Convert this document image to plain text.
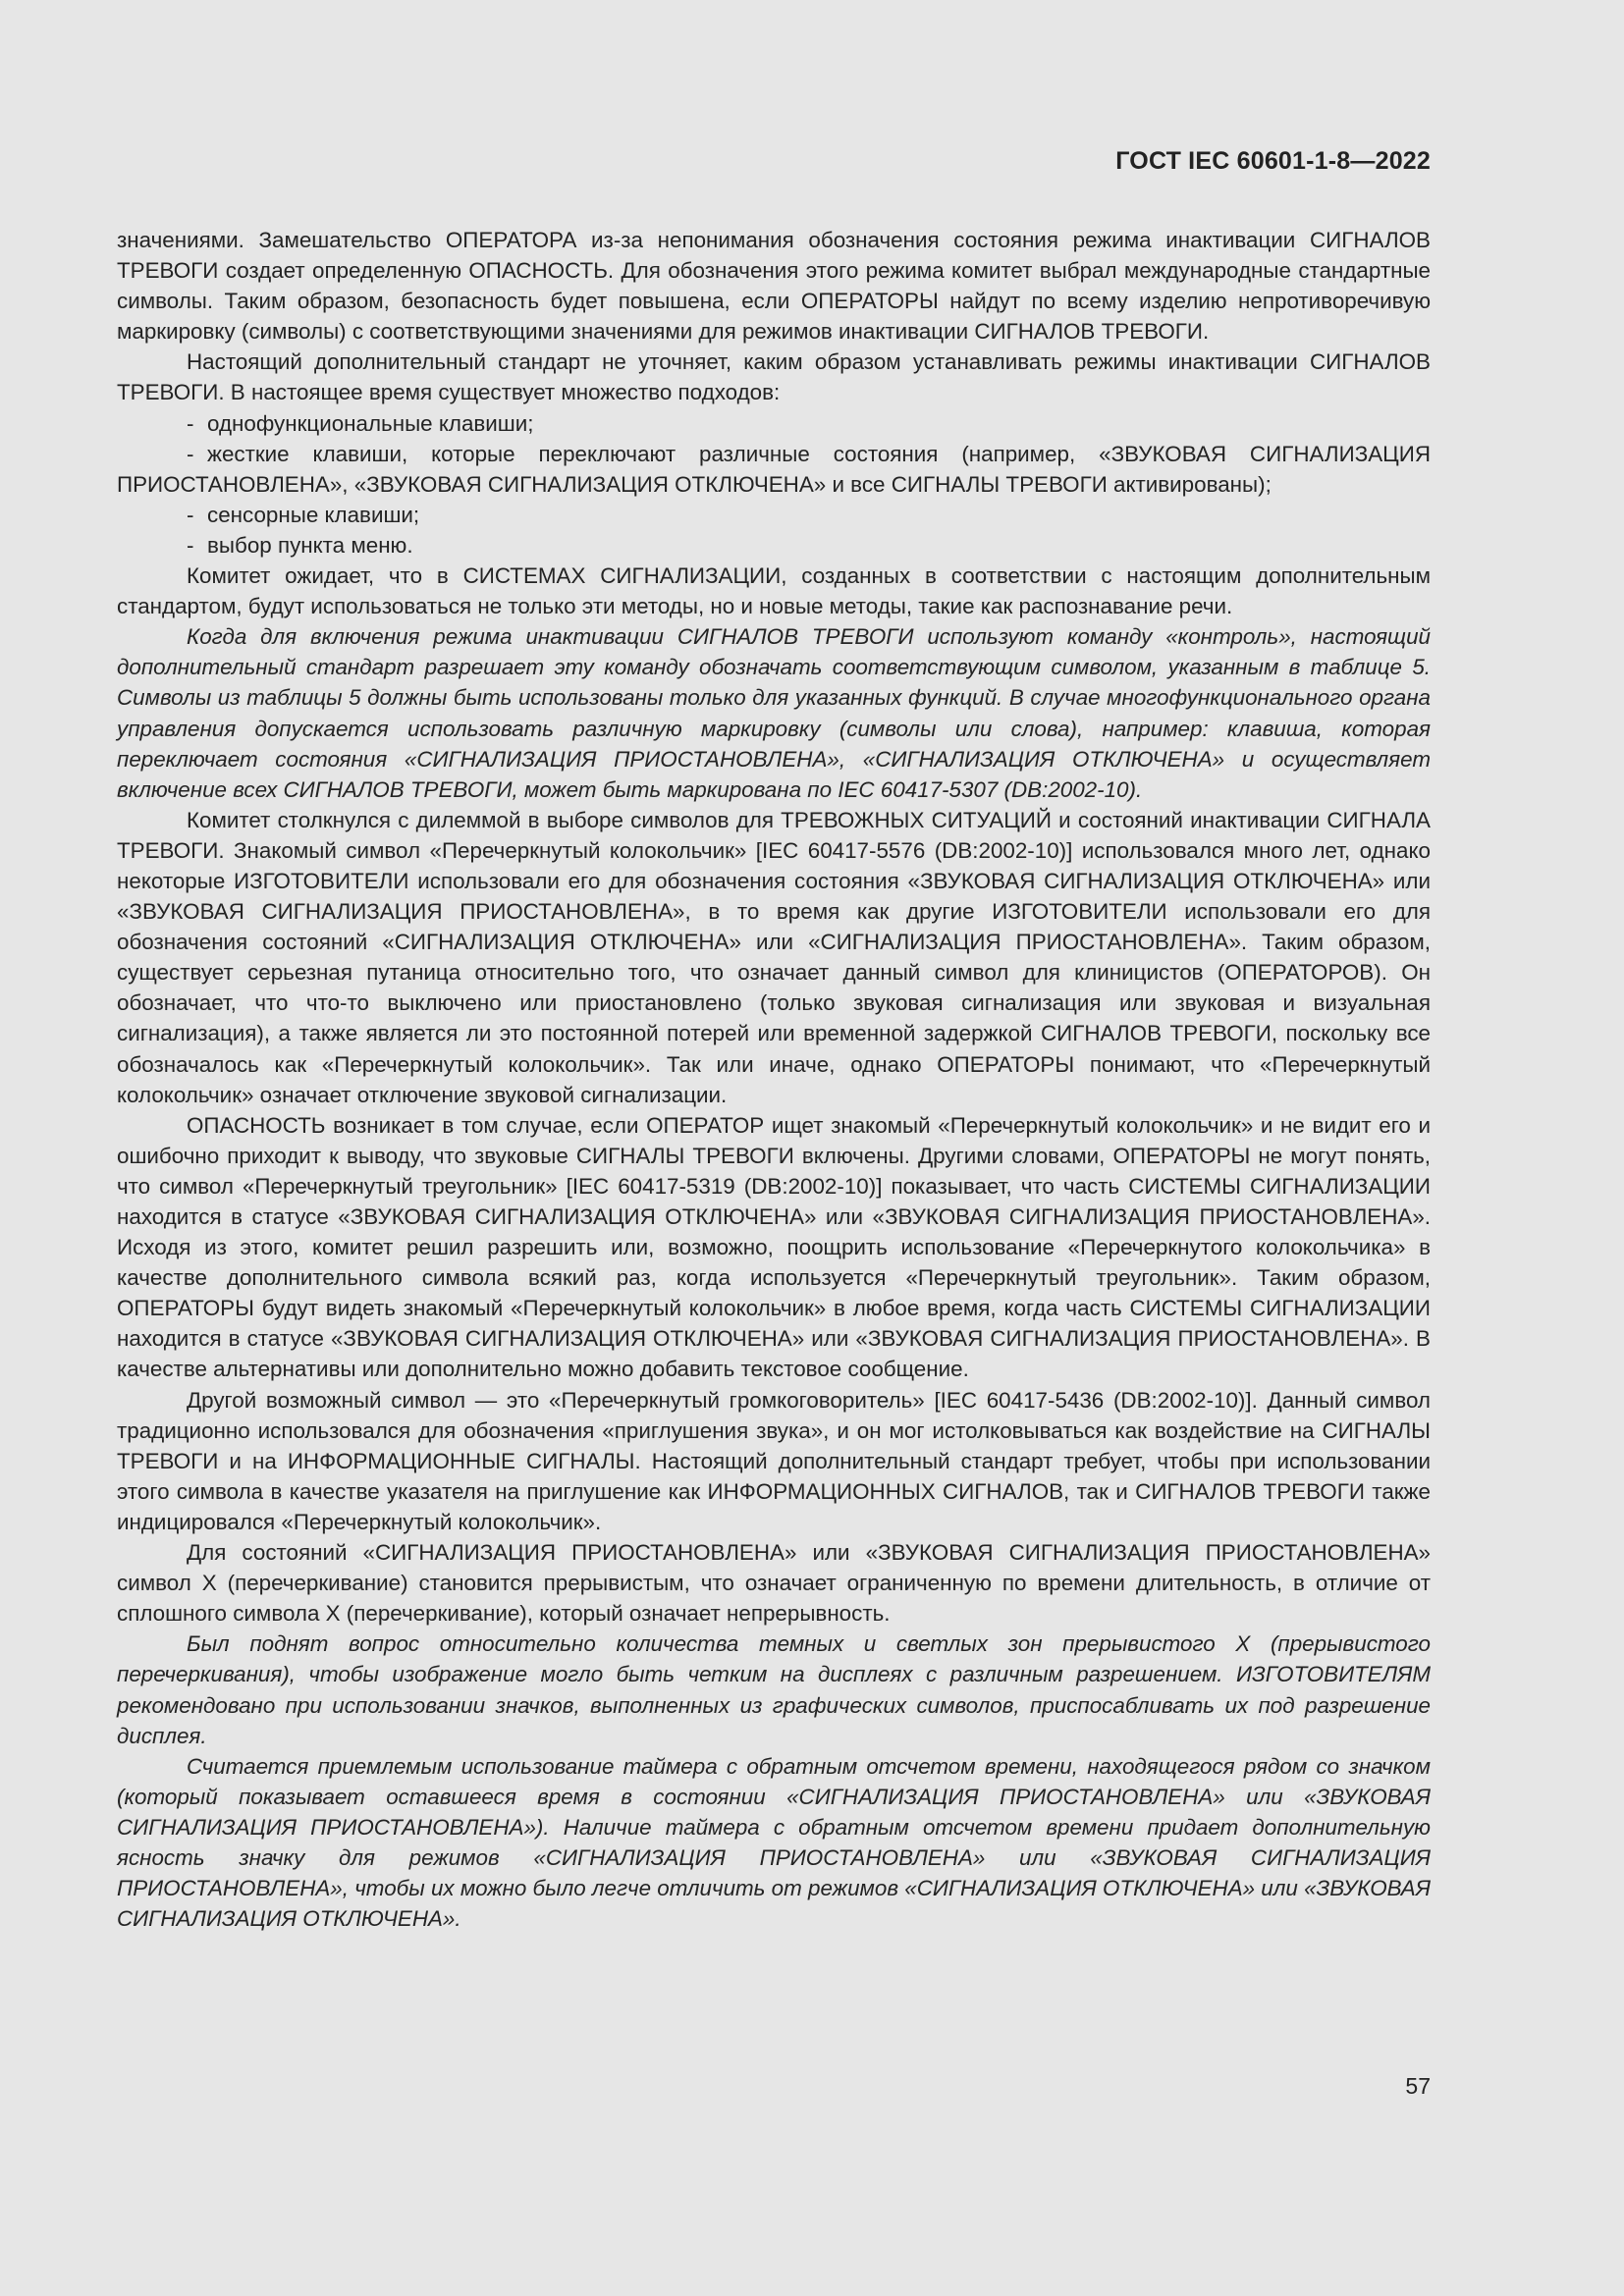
ГОСТ IEC 60601-1-8—2022

значениями. Замешательство ОПЕРАТОРА из-за непонимания обозначения состояния режима инактивации СИГНАЛОВ ТРЕВОГИ создает определенную ОПАСНОСТЬ. Для обозначения этого режима комитет выбрал международные стандартные символы. Таким образом, безопасность будет повышена, если ОПЕРАТОРЫ найдут по всему изделию непротиворечивую маркировку (символы) с соответствующими значениями для режимов инактивации СИГНАЛОВ ТРЕВОГИ.

Настоящий дополнительный стандарт не уточняет, каким образом устанавливать режимы инактивации СИГНАЛОВ ТРЕВОГИ. В настоящее время существует множество подходов:

- однофункциональные клавиши;

- жесткие клавиши, которые переключают различные состояния (например, «ЗВУКОВАЯ СИГНАЛИЗАЦИЯ ПРИОСТАНОВЛЕНА», «ЗВУКОВАЯ СИГНАЛИЗАЦИЯ ОТКЛЮЧЕНА» и все СИГНАЛЫ ТРЕВОГИ активированы);

- сенсорные клавиши;

- выбор пункта меню.

Комитет ожидает, что в СИСТЕМАХ СИГНАЛИЗАЦИИ, созданных в соответствии с настоящим дополнительным стандартом, будут использоваться не только эти методы, но и новые методы, такие как распознавание речи.

Когда для включения режима инактивации СИГНАЛОВ ТРЕВОГИ используют команду «контроль», настоящий дополнительный стандарт разрешает эту команду обозначать соответствующим символом, указанным в таблице 5. Символы из таблицы 5 должны быть использованы только для указанных функций. В случае многофункционального органа управления допускается использовать различную маркировку (символы или слова), например: клавиша, которая переключает состояния «СИГНАЛИЗАЦИЯ ПРИОСТАНОВЛЕНА», «СИГНАЛИЗАЦИЯ ОТКЛЮЧЕНА» и осуществляет включение всех СИГНАЛОВ ТРЕВОГИ, может быть маркирована по IEC 60417-5307 (DB:2002-10).

Комитет столкнулся с дилеммой в выборе символов для ТРЕВОЖНЫХ СИТУАЦИЙ и состояний инактивации СИГНАЛА ТРЕВОГИ. Знакомый символ «Перечеркнутый колокольчик» [IEC 60417-5576 (DB:2002-10)] использовался много лет, однако некоторые ИЗГОТОВИТЕЛИ использовали его для обозначения состояния «ЗВУКОВАЯ СИГНАЛИЗАЦИЯ ОТКЛЮЧЕНА» или «ЗВУКОВАЯ СИГНАЛИЗАЦИЯ ПРИОСТАНОВЛЕНА», в то время как другие ИЗГОТОВИТЕЛИ использовали его для обозначения состояний «СИГНАЛИЗАЦИЯ ОТКЛЮЧЕНА» или «СИГНАЛИЗАЦИЯ ПРИОСТАНОВЛЕНА». Таким образом, существует серьезная путаница относительно того, что означает данный символ для клиницистов (ОПЕРАТОРОВ). Он обозначает, что что-то выключено или приостановлено (только звуковая сигнализация или звуковая и визуальная сигнализация), а также является ли это постоянной потерей или временной задержкой СИГНАЛОВ ТРЕВОГИ, поскольку все обозначалось как «Перечеркнутый колокольчик». Так или иначе, однако ОПЕРАТОРЫ понимают, что «Перечеркнутый колокольчик» означает отключение звуковой сигнализации.

ОПАСНОСТЬ возникает в том случае, если ОПЕРАТОР ищет знакомый «Перечеркнутый колокольчик» и не видит его и ошибочно приходит к выводу, что звуковые СИГНАЛЫ ТРЕВОГИ включены. Другими словами, ОПЕРАТОРЫ не могут понять, что символ «Перечеркнутый треугольник» [IEC 60417-5319 (DB:2002-10)] показывает, что часть СИСТЕМЫ СИГНАЛИЗАЦИИ находится в статусе «ЗВУКОВАЯ СИГНАЛИЗАЦИЯ ОТКЛЮЧЕНА» или «ЗВУКОВАЯ СИГНАЛИЗАЦИЯ ПРИОСТАНОВЛЕНА». Исходя из этого, комитет решил разрешить или, возможно, поощрить использование «Перечеркнутого колокольчика» в качестве дополнительного символа всякий раз, когда используется «Перечеркнутый треугольник». Таким образом, ОПЕРАТОРЫ будут видеть знакомый «Перечеркнутый колокольчик» в любое время, когда часть СИСТЕМЫ СИГНАЛИЗАЦИИ находится в статусе «ЗВУКОВАЯ СИГНАЛИЗАЦИЯ ОТКЛЮЧЕНА» или «ЗВУКОВАЯ СИГНАЛИЗАЦИЯ ПРИОСТАНОВЛЕНА». В качестве альтернативы или дополнительно можно добавить текстовое сообщение.

Другой возможный символ — это «Перечеркнутый громкоговоритель» [IEC 60417-5436 (DB:2002-10)]. Данный символ традиционно использовался для обозначения «приглушения звука», и он мог истолковываться как воздействие на СИГНАЛЫ ТРЕВОГИ и на ИНФОРМАЦИОННЫЕ СИГНАЛЫ. Настоящий дополнительный стандарт требует, чтобы при использовании этого символа в качестве указателя на приглушение как ИНФОРМАЦИОННЫХ СИГНАЛОВ, так и СИГНАЛОВ ТРЕВОГИ также индицировался «Перечеркнутый колокольчик».

Для состояний «СИГНАЛИЗАЦИЯ ПРИОСТАНОВЛЕНА» или «ЗВУКОВАЯ СИГНАЛИЗАЦИЯ ПРИОСТАНОВЛЕНА» символ X (перечеркивание) становится прерывистым, что означает ограниченную по времени длительность, в отличие от сплошного символа X (перечеркивание), который означает непрерывность.

Был поднят вопрос относительно количества темных и светлых зон прерывистого X (прерывистого перечеркивания), чтобы изображение могло быть четким на дисплеях с различным разрешением. ИЗГОТОВИТЕЛЯМ рекомендовано при использовании значков, выполненных из графических символов, приспосабливать их под разрешение дисплея.

Считается приемлемым использование таймера с обратным отсчетом времени, находящегося рядом со значком (который показывает оставшееся время в состоянии «СИГНАЛИЗАЦИЯ ПРИОСТАНОВЛЕНА» или «ЗВУКОВАЯ СИГНАЛИЗАЦИЯ ПРИОСТАНОВЛЕНА»). Наличие таймера с обратным отсчетом времени придает дополнительную ясность значку для режимов «СИГНАЛИЗАЦИЯ ПРИОСТАНОВЛЕНА» или «ЗВУКОВАЯ СИГНАЛИЗАЦИЯ ПРИОСТАНОВЛЕНА», чтобы их можно было легче отличить от режимов «СИГНАЛИЗАЦИЯ ОТКЛЮЧЕНА» или «ЗВУКОВАЯ СИГНАЛИЗАЦИЯ ОТКЛЮЧЕНА».

57
